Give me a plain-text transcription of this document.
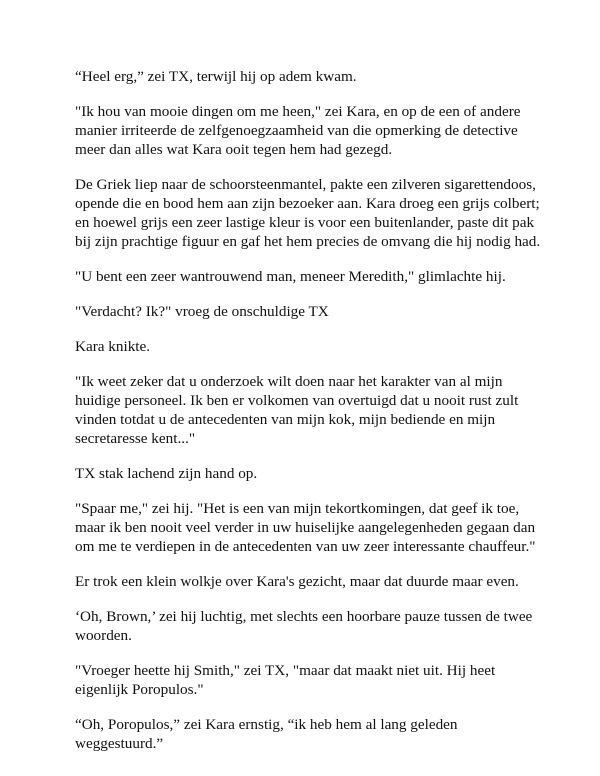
“Heel erg,” zei TX, terwijl hij op adem kwam.

"Ik hou van mooie dingen om me heen," zei Kara, en op de een of andere manier irriteerde de zelfgenoegzaamheid van die opmerking de detective meer dan alles wat Kara ooit tegen hem had gezegd.

De Griek liep naar de schoorsteenmantel, pakte een zilveren sigarettendoos, opende die en bood hem aan zijn bezoeker aan. Kara droeg een grijs colbert; en hoewel grijs een zeer lastige kleur is voor een buitenlander, paste dit pak bij zijn prachtige figuur en gaf het hem precies de omvang die hij nodig had.

"U bent een zeer wantrouwend man, meneer Meredith," glimlachte hij.

"Verdacht? Ik?" vroeg de onschuldige TX

Kara knikte.

"Ik weet zeker dat u onderzoek wilt doen naar het karakter van al mijn huidige personeel. Ik ben er volkomen van overtuigd dat u nooit rust zult vinden totdat u de antecedenten van mijn kok, mijn bediende en mijn secretaresse kent..."

TX stak lachend zijn hand op.

"Spaar me," zei hij. "Het is een van mijn tekortkomingen, dat geef ik toe, maar ik ben nooit veel verder in uw huiselijke aangelegenheden gegaan dan om me te verdiepen in de antecedenten van uw zeer interessante chauffeur."

Er trok een klein wolkje over Kara's gezicht, maar dat duurde maar even.

‘Oh, Brown,’ zei hij luchtig, met slechts een hoorbare pauze tussen de twee woorden.

"Vroeger heette hij Smith," zei TX, "maar dat maakt niet uit. Hij heet eigenlijk Poropulos."

“Oh, Poropulos,” zei Kara ernstig, “ik heb hem al lang geleden weggestuurd.”
